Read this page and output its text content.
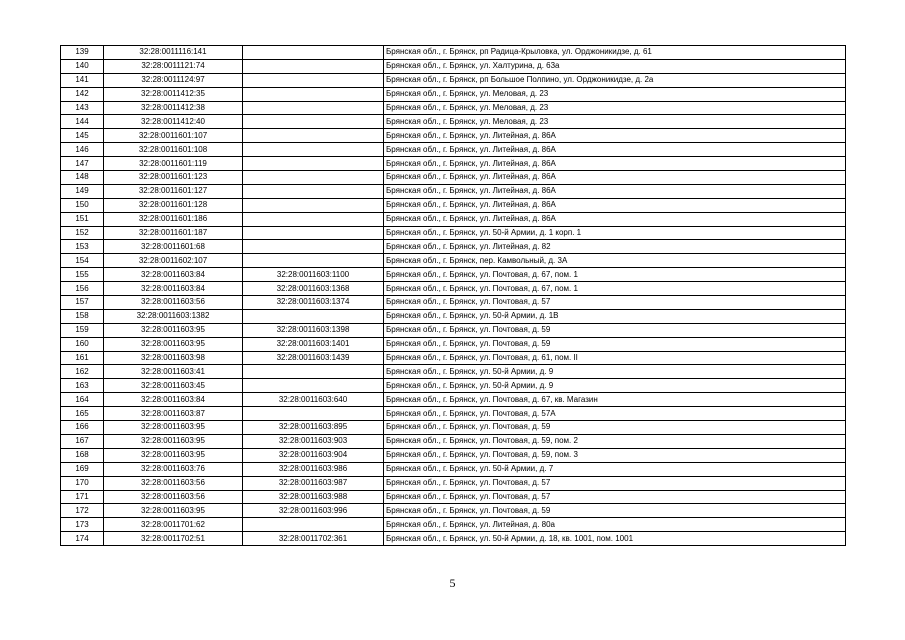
139	32:28:0011116:141		Брянская обл., г. Брянск, рп Радица-Крыловка, ул. Орджоникидзе, д. 61
140	32:28:0011121:74		Брянская обл., г. Брянск, ул. Халтурина, д. 63а
141	32:28:0011124:97		Брянская обл., г. Брянск, рп Большое Полпино, ул. Орджоникидзе, д. 2а
142	32:28:0011412:35		Брянская обл., г. Брянск, ул. Меловая, д. 23
143	32:28:0011412:38		Брянская обл., г. Брянск, ул. Меловая, д. 23
144	32:28:0011412:40		Брянская обл., г. Брянск, ул. Меловая, д. 23
145	32:28:0011601:107		Брянская обл., г. Брянск, ул. Литейная, д. 86А
146	32:28:0011601:108		Брянская обл., г. Брянск, ул. Литейная, д. 86А
147	32:28:0011601:119		Брянская обл., г. Брянск, ул. Литейная, д. 86А
148	32:28:0011601:123		Брянская обл., г. Брянск, ул. Литейная, д. 86А
149	32:28:0011601:127		Брянская обл., г. Брянск, ул. Литейная, д. 86А
150	32:28:0011601:128		Брянская обл., г. Брянск, ул. Литейная, д. 86А
151	32:28:0011601:186		Брянская обл., г. Брянск, ул. Литейная, д. 86А
152	32:28:0011601:187		Брянская обл., г. Брянск, ул. 50-й Армии, д. 1 корп. 1
153	32:28:0011601:68		Брянская обл., г. Брянск, ул. Литейная, д. 82
154	32:28:0011602:107		Брянская обл., г. Брянск, пер. Камвольный, д. 3А
155	32:28:0011603:84	32:28:0011603:1100	Брянская обл., г. Брянск, ул. Почтовая, д. 67, пом. 1
156	32:28:0011603:84	32:28:0011603:1368	Брянская обл., г. Брянск, ул. Почтовая, д. 67, пом. 1
157	32:28:0011603:56	32:28:0011603:1374	Брянская обл., г. Брянск, ул. Почтовая, д. 57
158	32:28:0011603:1382		Брянская обл., г. Брянск, ул. 50-й Армии, д. 1В
159	32:28:0011603:95	32:28:0011603:1398	Брянская обл., г. Брянск, ул. Почтовая, д. 59
160	32:28:0011603:95	32:28:0011603:1401	Брянская обл., г. Брянск, ул. Почтовая, д. 59
161	32:28:0011603:98	32:28:0011603:1439	Брянская обл., г. Брянск, ул. Почтовая, д. 61, пом. II
162	32:28:0011603:41		Брянская обл., г. Брянск, ул. 50-й Армии, д. 9
163	32:28:0011603:45		Брянская обл., г. Брянск, ул. 50-й Армии, д. 9
164	32:28:0011603:84	32:28:0011603:640	Брянская обл., г. Брянск, ул. Почтовая, д. 67, кв. Магазин
165	32:28:0011603:87		Брянская обл., г. Брянск, ул. Почтовая, д. 57А
166	32:28:0011603:95	32:28:0011603:895	Брянская обл., г. Брянск, ул. Почтовая, д. 59
167	32:28:0011603:95	32:28:0011603:903	Брянская обл., г. Брянск, ул. Почтовая, д. 59, пом. 2
168	32:28:0011603:95	32:28:0011603:904	Брянская обл., г. Брянск, ул. Почтовая, д. 59, пом. 3
169	32:28:0011603:76	32:28:0011603:986	Брянская обл., г. Брянск, ул. 50-й Армии, д. 7
170	32:28:0011603:56	32:28:0011603:987	Брянская обл., г. Брянск, ул. Почтовая, д. 57
171	32:28:0011603:56	32:28:0011603:988	Брянская обл., г. Брянск, ул. Почтовая, д. 57
172	32:28:0011603:95	32:28:0011603:996	Брянская обл., г. Брянск, ул. Почтовая, д. 59
173	32:28:0011701:62		Брянская обл., г. Брянск, ул. Литейная, д. 80а
174	32:28:0011702:51	32:28:0011702:361	Брянская обл., г. Брянск, ул. 50-й Армии, д. 18, кв. 1001, пом. 1001
5
